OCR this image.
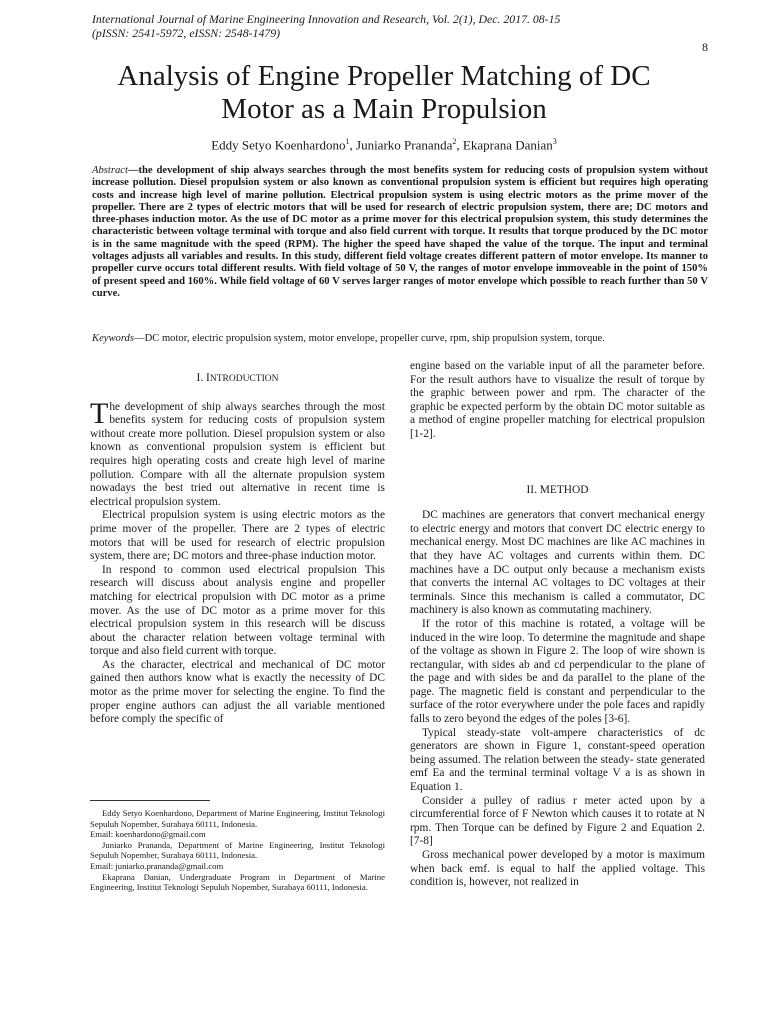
International Journal of Marine Engineering Innovation and Research, Vol. 2(1), Dec. 2017. 08-15
(pISSN: 2541-5972, eISSN: 2548-1479)
8
Analysis of Engine Propeller Matching of DC Motor as a Main Propulsion
Eddy Setyo Koenhardono$^1$, Juniarko Prananda$^2$, Ekaprana Danian$^3$
Abstract—the development of ship always searches through the most benefits system for reducing costs of propulsion system without increase pollution. Diesel propulsion system or also known as conventional propulsion system is efficient but requires high operating costs and increase high level of marine pollution. Electrical propulsion system is using electric motors as the prime mover of the propeller. There are 2 types of electric motors that will be used for research of electric propulsion system, there are; DC motors and three-phases induction motor. As the use of DC motor as a prime mover for this electrical propulsion system, this study determines the characteristic between voltage terminal with torque and also field current with torque. It results that torque produced by the DC motor is in the same magnitude with the speed (RPM). The higher the speed have shaped the value of the torque. The input and terminal voltages adjusts all variables and results. In this study, different field voltage creates different pattern of motor envelope. Its manner to propeller curve occurs total different results. With field voltage of 50 V, the ranges of motor envelope immoveable in the point of 150% of present speed and 160%. While field voltage of 60 V serves larger ranges of motor envelope which possible to reach further than 50 V curve.
Keywords—DC motor, electric propulsion system, motor envelope, propeller curve, rpm, ship propulsion system, torque.
I. INTRODUCTION

The development of ship always searches through the most benefits system for reducing costs of propulsion system without create more pollution. Diesel propulsion system or also known as conventional propulsion system is efficient but requires high operating costs and create high level of marine pollution. Compare with all the alternate propulsion system nowadays the best tried out alternative in recent time is electrical propulsion system.

Electrical propulsion system is using electric motors as the prime mover of the propeller. There are 2 types of electric motors that will be used for research of electric propulsion system, there are; DC motors and three-phase induction motor.

In respond to common used electrical propulsion This research will discuss about analysis engine and propeller matching for electrical propulsion with DC motor as a prime mover. As the use of DC motor as a prime mover for this electrical propulsion system in this research will be discuss about the character relation between voltage terminal with torque and also field current with torque.

As the character, electrical and mechanical of DC motor gained then authors know what is exactly the necessity of DC motor as the prime mover for selecting the engine. To find the proper engine authors can adjust the all variable mentioned before comply the specific of

engine based on the variable input of all the parameter before. For the result authors have to visualize the result of torque by the graphic between power and rpm. The character of the graphic be expected perform by the obtain DC motor suitable as a method of engine propeller matching for electrical propulsion [1-2].

II. METHOD

DC machines are generators that convert mechanical energy to electric energy and motors that convert DC electric energy to mechanical energy. Most DC machines are like AC machines in that they have AC voltages and currents within them. DC machines have a DC output only because a mechanism exists that converts the internal AC voltages to DC voltages at their terminals. Since this mechanism is called a commutator, DC machinery is also known as commutating machinery.

If the rotor of this machine is rotated, a voltage will be induced in the wire loop. To determine the magnitude and shape of the voltage as shown in Figure 2. The loop of wire shown is rectangular, with sides ab and cd perpendicular to the plane of the page and with sides be and da paralIel to the plane of the page. The magnetic field is constant and perpendicular to the surface of the rotor everywhere under the pole faces and rapidly falls to zero beyond the edges of the poles [3-6].

Typical steady-state volt-ampere characteristics of dc generators are shown in Figure 1, constant-speed operation being assumed. The relation between the steady- state generated emf Ea and the terminal terminal voltage V a is as shown in Equation 1.

Consider a pulley of radius r meter acted upon by a circumferential force of F Newton which causes it to rotate at N rpm. Then Torque can be defined by Figure 2 and Equation 2. [7-8]

Gross mechanical power developed by a motor is maximum when back emf. is equal to half the applied voltage. This condition is, however, not realized in

Eddy Setyo Koenhardono, Department of Marine Engineering, Institut Teknologi Sepuluh Nopember, Surabaya 60111, Indonesia.
Email: koenhardono@gmail.com
Juniarko Prananda, Department of Marine Engineering, Institut Teknologi Sepuluh Nopember, Surabaya 60111, Indonesia.
Email: juniarko.prananda@gmail.com
Ekaprana Danian, Undergraduate Program in Department of Marine Engineering, Institut Teknologi Sepuluh Nopember, Surabaya 60111, Indonesia.
